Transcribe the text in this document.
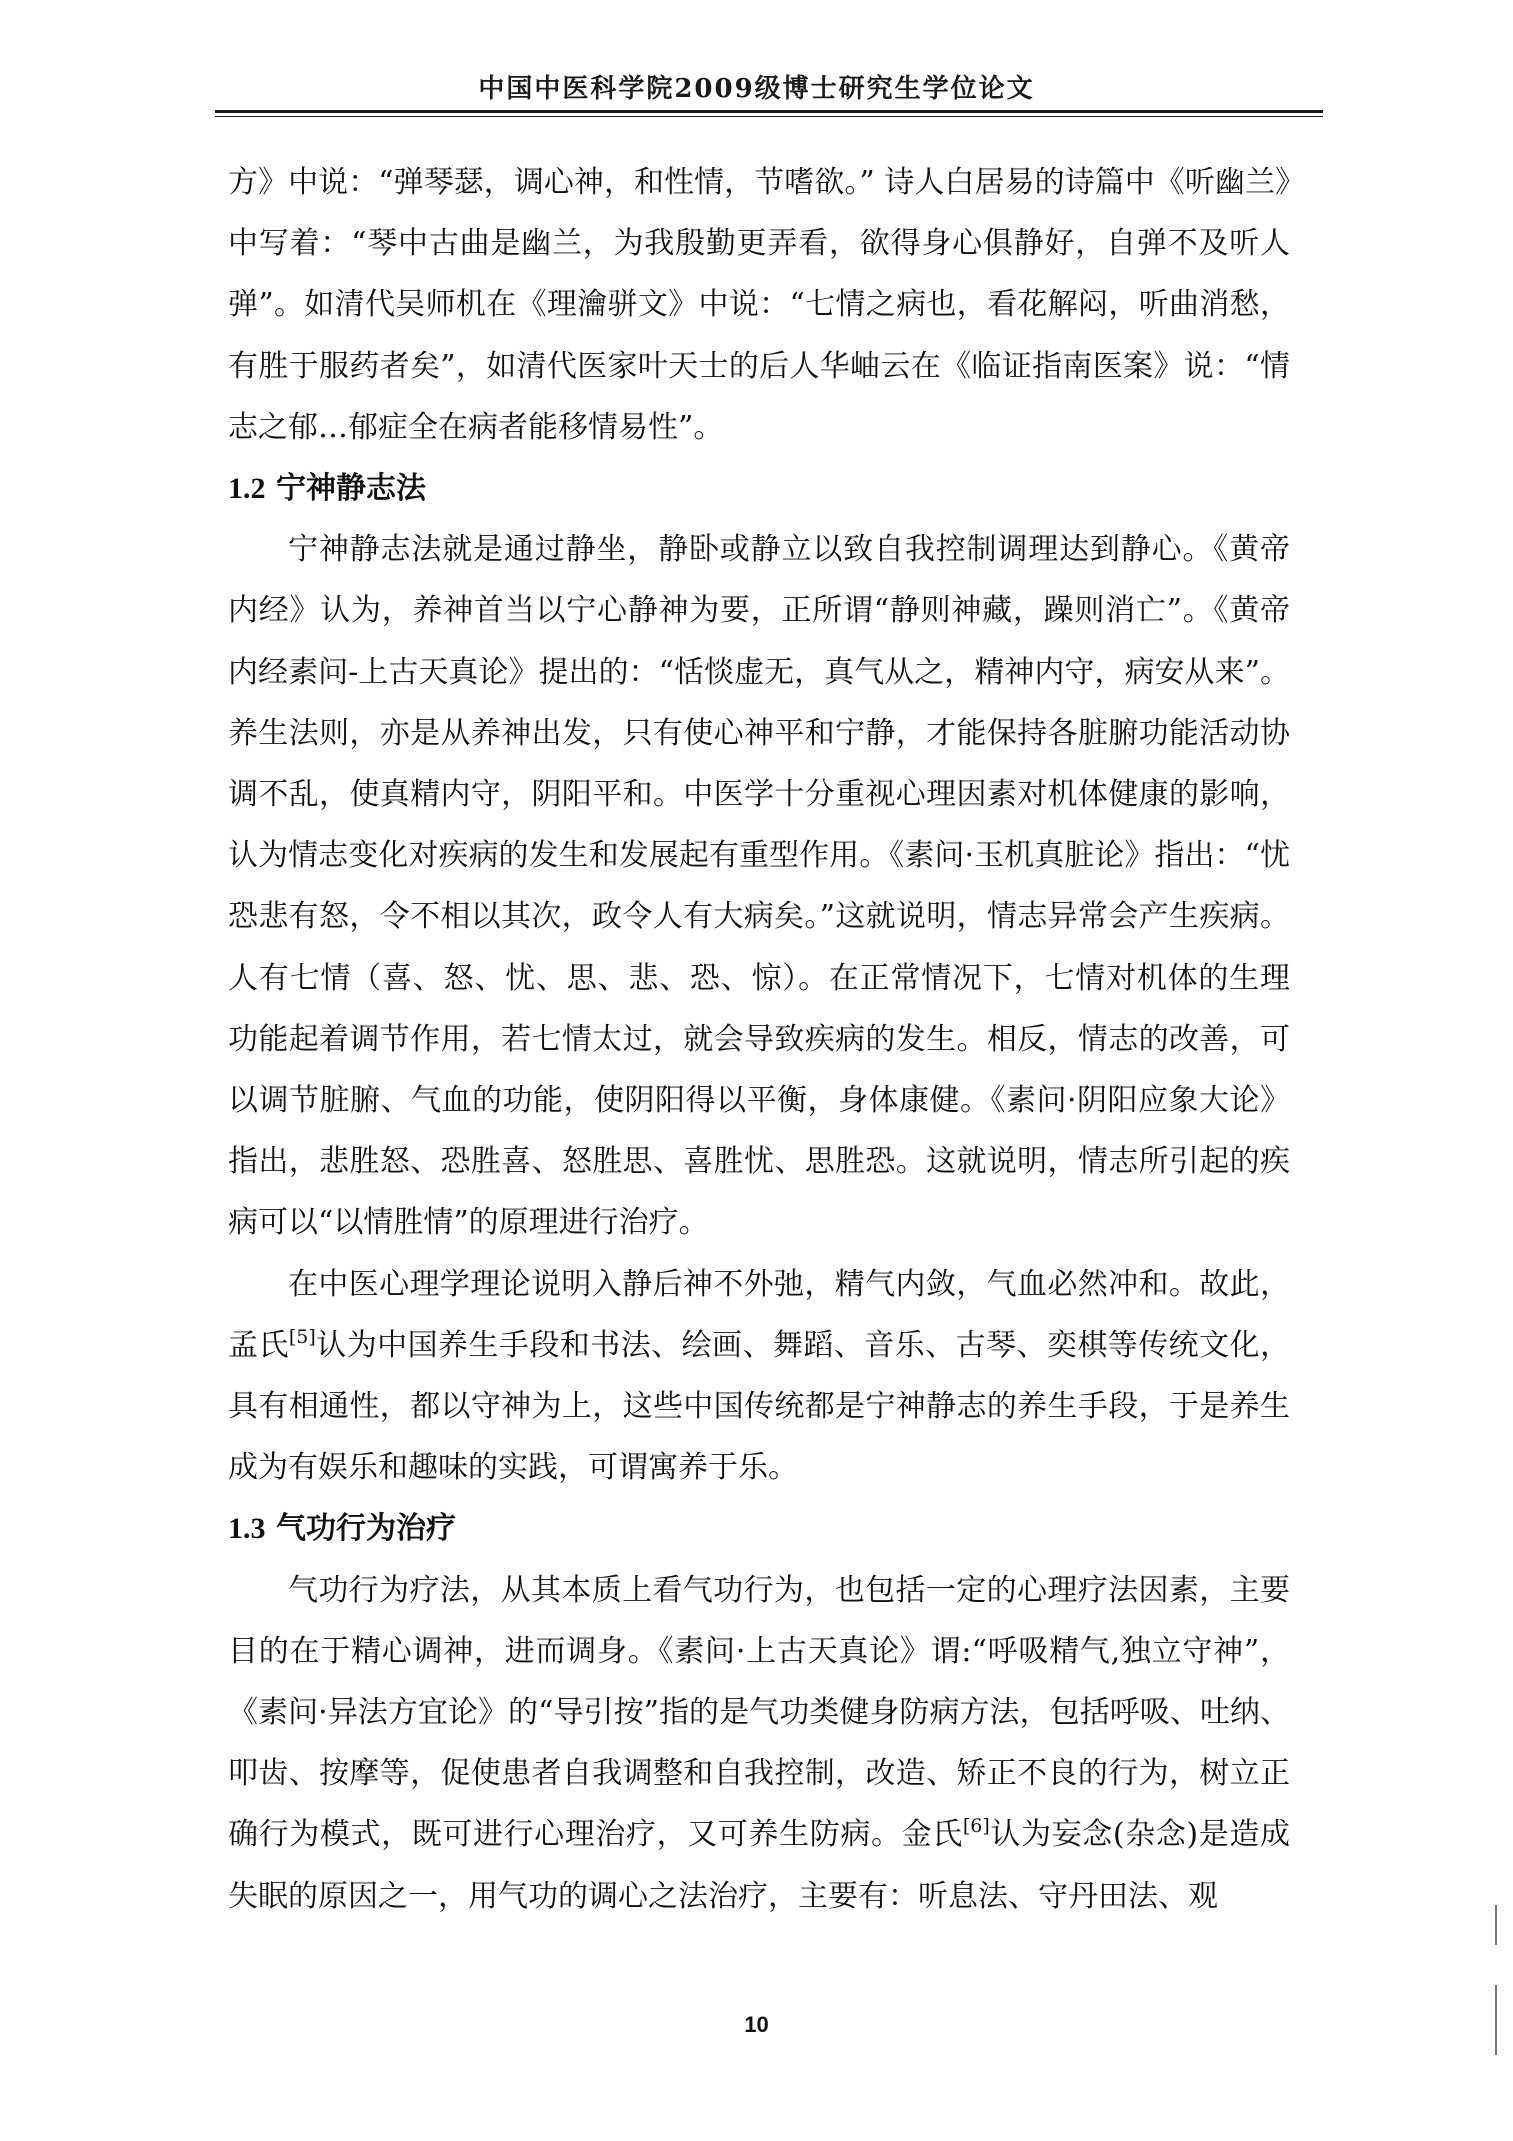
中国中医科学院2009级博士研究生学位论文

方》中说：“弹琴瑟，调心神，和性情，节嗜欲。” 诗人白居易的诗篇中《听幽兰》中写着：“琴中古曲是幽兰，为我殷勤更弄看，欲得身心俱静好，自弹不及听人弹”。如清代吴师机在《理瀹骈文》中说：“七情之病也，看花解闷，听曲消愁，有胜于服药者矣”，如清代医家叶天士的后人华岫云在《临证指南医案》说：“情志之郁…郁症全在病者能移情易性”。

1.2 宁神静志法

宁神静志法就是通过静坐，静卧或静立以致自我控制调理达到静心。《黄帝内经》认为，养神首当以宁心静神为要，正所谓“静则神藏，躁则消亡”。《黄帝内经素问-上古天真论》提出的：“恬惔虚无，真气从之，精神内守，病安从来”。养生法则，亦是从养神出发，只有使心神平和宁静，才能保持各脏腑功能活动协调不乱，使真精内守，阴阳平和。中医学十分重视心理因素对机体健康的影响，认为情志变化对疾病的发生和发展起有重型作用。《素问·玉机真脏论》指出：“忧恐悲有怒，令不相以其次，政令人有大病矣。”这就说明，情志异常会产生疾病。人有七情（喜、怒、忧、思、悲、恐、惊）。在正常情况下，七情对机体的生理功能起着调节作用，若七情太过，就会导致疾病的发生。相反，情志的改善，可以调节脏腑、气血的功能，使阴阳得以平衡，身体康健。《素问·阴阳应象大论》指出，悲胜怒、恐胜喜、怒胜思、喜胜忧、思胜恐。这就说明，情志所引起的疾病可以“以情胜情”的原理进行治疗。

在中医心理学理论说明入静后神不外弛，精气内敛，气血必然冲和。故此，孟氏[5]认为中国养生手段和书法、绘画、舞蹈、音乐、古琴、奕棋等传统文化，具有相通性，都以守神为上，这些中国传统都是宁神静志的养生手段，于是养生成为有娱乐和趣味的实践，可谓寓养于乐。

1.3 气功行为治疗

气功行为疗法，从其本质上看气功行为，也包括一定的心理疗法因素，主要目的在于精心调神，进而调身。《素问·上古天真论》谓:“呼吸精气,独立守神”，《素问·异法方宜论》的“导引按”指的是气功类健身防病方法，包括呼吸、吐纳、叩齿、按摩等，促使患者自我调整和自我控制，改造、矫正不良的行为，树立正确行为模式，既可进行心理治疗，又可养生防病。金氏[6]认为妄念(杂念)是造成失眠的原因之一，用气功的调心之法治疗，主要有：听息法、守丹田法、观

10
